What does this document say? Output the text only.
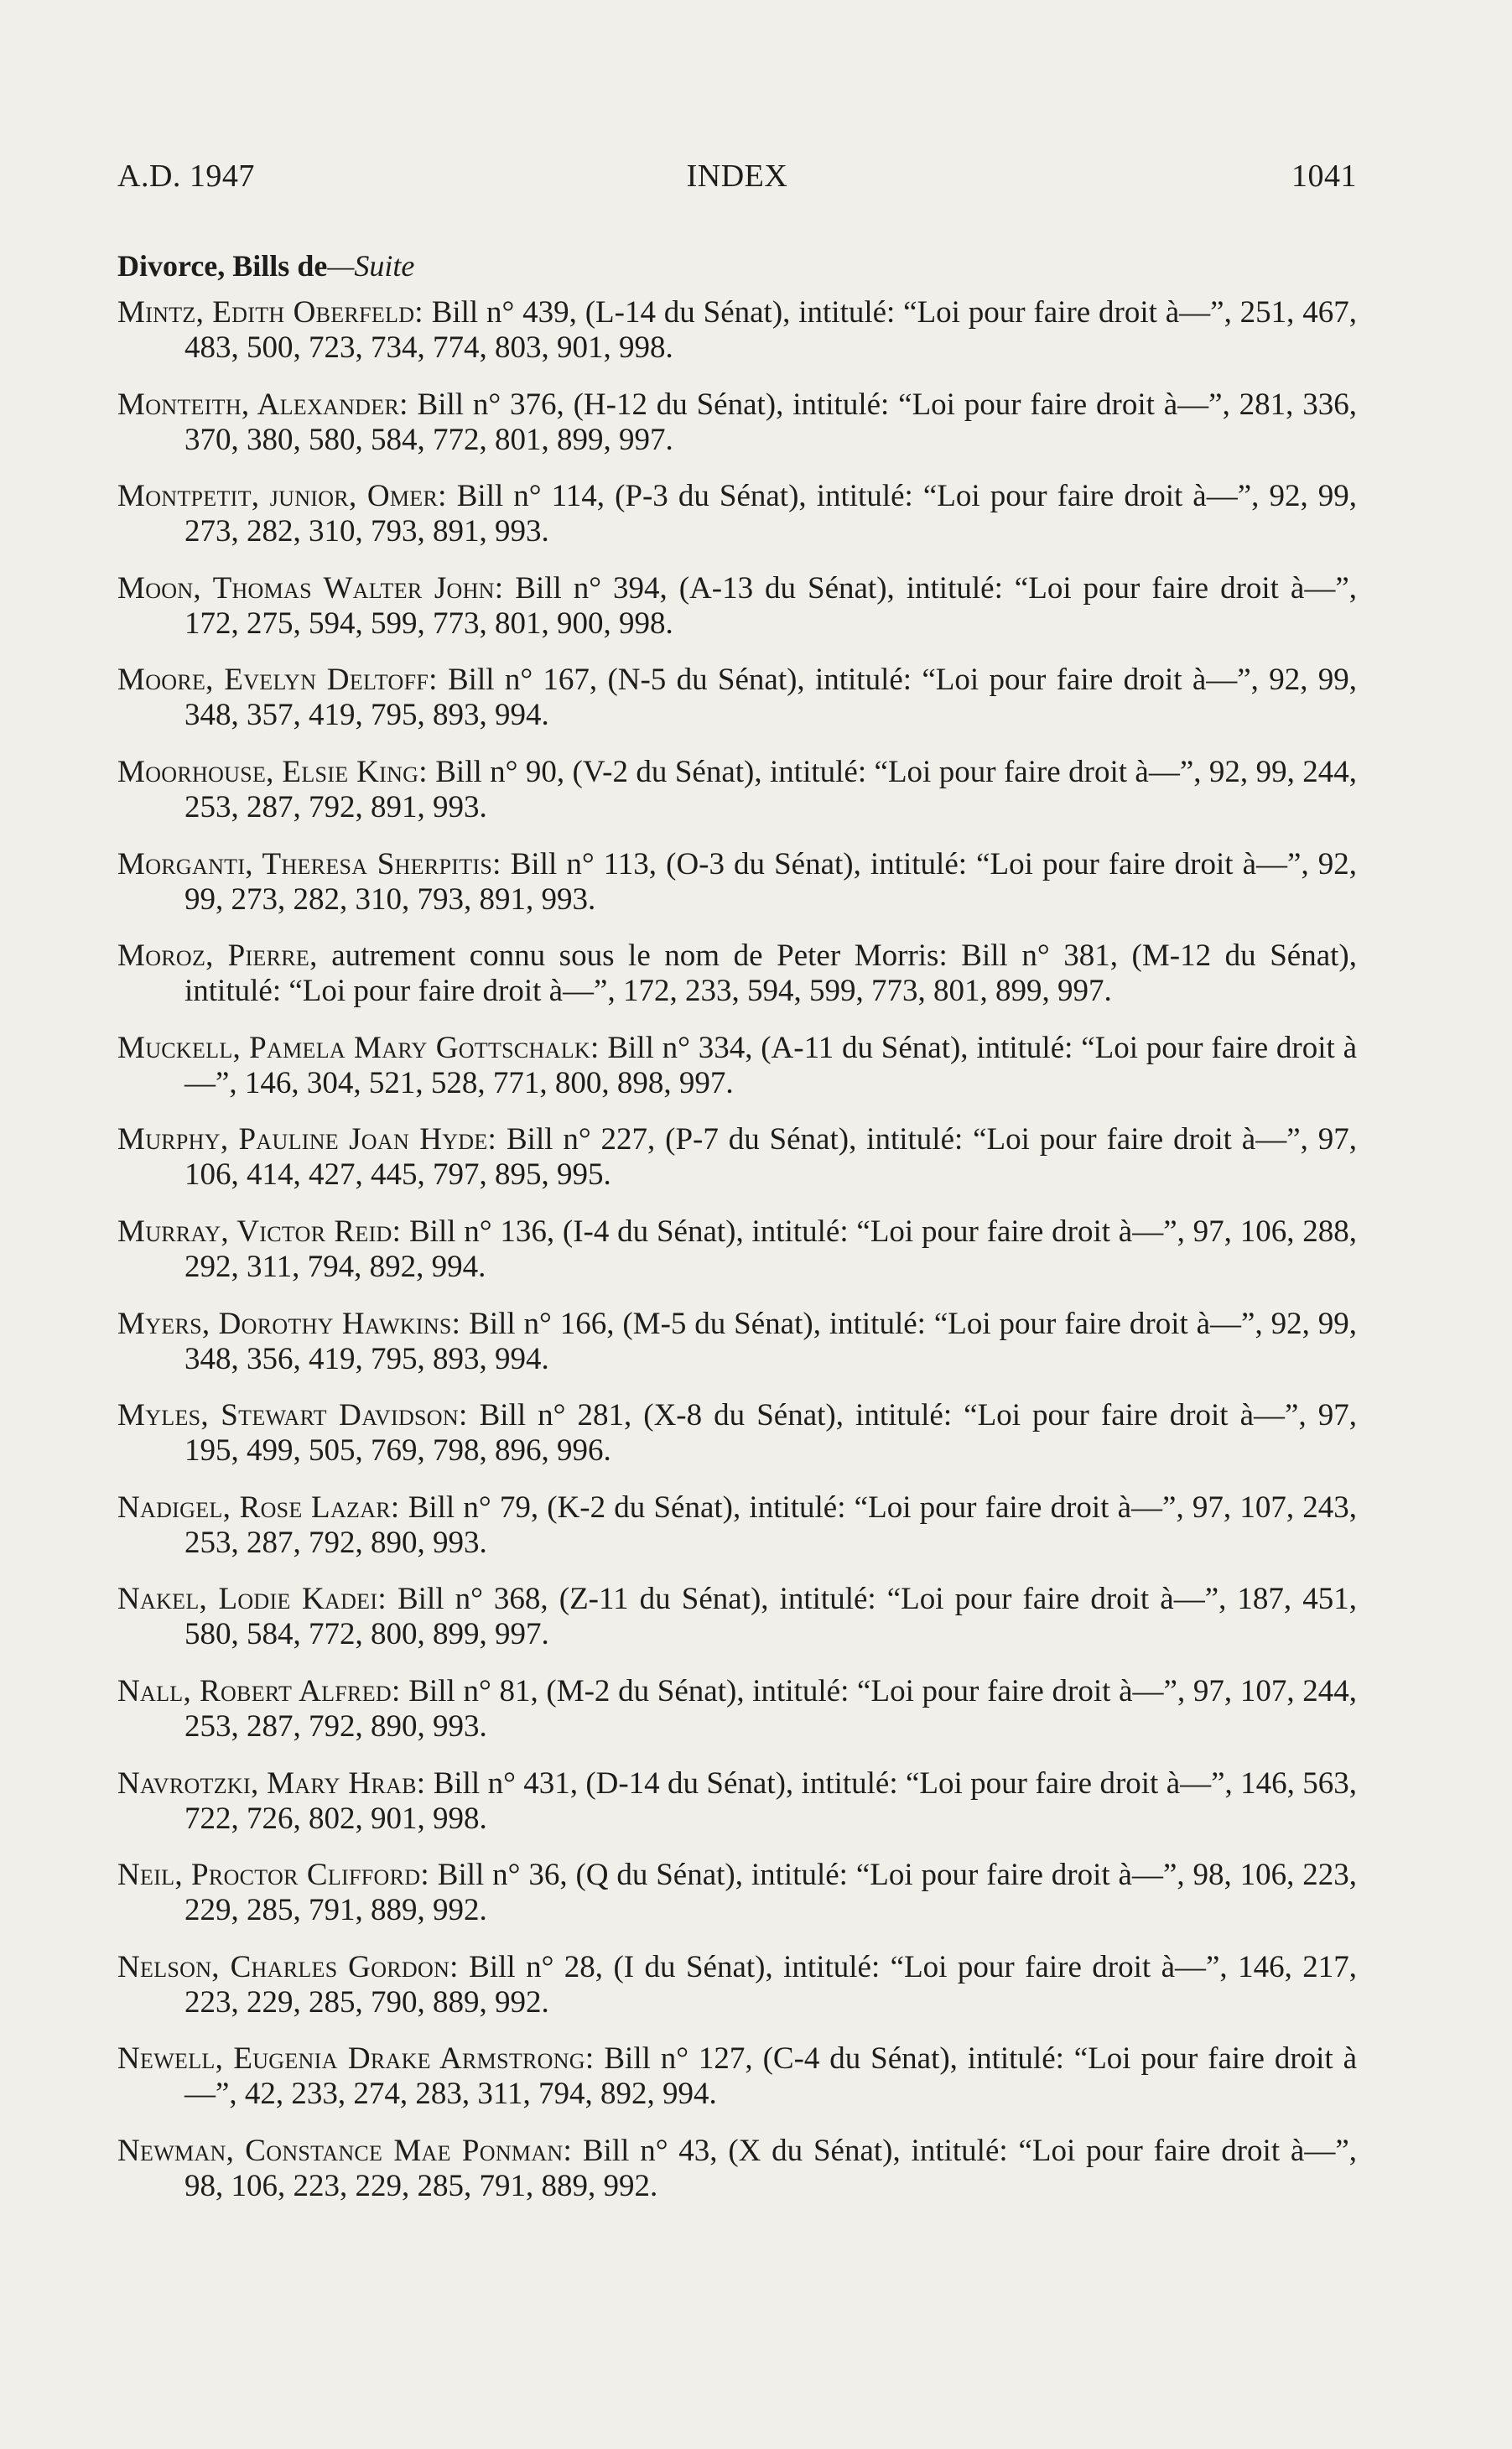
A.D. 1947	INDEX	1041
Divorce, Bills de—Suite

Mintz, Edith Oberfeld: Bill n° 439, (L-14 du Sénat), intitulé: “Loi pour faire droit à—”, 251, 467, 483, 500, 723, 734, 774, 803, 901, 998.

Monteith, Alexander: Bill n° 376, (H-12 du Sénat), intitulé: “Loi pour faire droit à—”, 281, 336, 370, 380, 580, 584, 772, 801, 899, 997.

Montpetit, junior, Omer: Bill n° 114, (P-3 du Sénat), intitulé: “Loi pour faire droit à—”, 92, 99, 273, 282, 310, 793, 891, 993.

Moon, Thomas Walter John: Bill n° 394, (A-13 du Sénat), intitulé: “Loi pour faire droit à—”, 172, 275, 594, 599, 773, 801, 900, 998.

Moore, Evelyn Deltoff: Bill n° 167, (N-5 du Sénat), intitulé: “Loi pour faire droit à—”, 92, 99, 348, 357, 419, 795, 893, 994.

Moorhouse, Elsie King: Bill n° 90, (V-2 du Sénat), intitulé: “Loi pour faire droit à—”, 92, 99, 244, 253, 287, 792, 891, 993.

Morganti, Theresa Sherpitis: Bill n° 113, (O-3 du Sénat), intitulé: “Loi pour faire droit à—”, 92, 99, 273, 282, 310, 793, 891, 993.

Moroz, Pierre, autrement connu sous le nom de Peter Morris: Bill n° 381, (M-12 du Sénat), intitulé: “Loi pour faire droit à—”, 172, 233, 594, 599, 773, 801, 899, 997.

Muckell, Pamela Mary Gottschalk: Bill n° 334, (A-11 du Sénat), intitulé: “Loi pour faire droit à—”, 146, 304, 521, 528, 771, 800, 898, 997.

Murphy, Pauline Joan Hyde: Bill n° 227, (P-7 du Sénat), intitulé: “Loi pour faire droit à—”, 97, 106, 414, 427, 445, 797, 895, 995.

Murray, Victor Reid: Bill n° 136, (I-4 du Sénat), intitulé: “Loi pour faire droit à—”, 97, 106, 288, 292, 311, 794, 892, 994.

Myers, Dorothy Hawkins: Bill n° 166, (M-5 du Sénat), intitulé: “Loi pour faire droit à—”, 92, 99, 348, 356, 419, 795, 893, 994.

Myles, Stewart Davidson: Bill n° 281, (X-8 du Sénat), intitulé: “Loi pour faire droit à—”, 97, 195, 499, 505, 769, 798, 896, 996.

Nadigel, Rose Lazar: Bill n° 79, (K-2 du Sénat), intitulé: “Loi pour faire droit à—”, 97, 107, 243, 253, 287, 792, 890, 993.

Nakel, Lodie Kadei: Bill n° 368, (Z-11 du Sénat), intitulé: “Loi pour faire droit à—”, 187, 451, 580, 584, 772, 800, 899, 997.

Nall, Robert Alfred: Bill n° 81, (M-2 du Sénat), intitulé: “Loi pour faire droit à—”, 97, 107, 244, 253, 287, 792, 890, 993.

Navrotzki, Mary Hrab: Bill n° 431, (D-14 du Sénat), intitulé: “Loi pour faire droit à—”, 146, 563, 722, 726, 802, 901, 998.

Neil, Proctor Clifford: Bill n° 36, (Q du Sénat), intitulé: “Loi pour faire droit à—”, 98, 106, 223, 229, 285, 791, 889, 992.

Nelson, Charles Gordon: Bill n° 28, (I du Sénat), intitulé: “Loi pour faire droit à—”, 146, 217, 223, 229, 285, 790, 889, 992.

Newell, Eugenia Drake Armstrong: Bill n° 127, (C-4 du Sénat), intitulé: “Loi pour faire droit à—”, 42, 233, 274, 283, 311, 794, 892, 994.

Newman, Constance Mae Ponman: Bill n° 43, (X du Sénat), intitulé: “Loi pour faire droit à—”, 98, 106, 223, 229, 285, 791, 889, 992.
